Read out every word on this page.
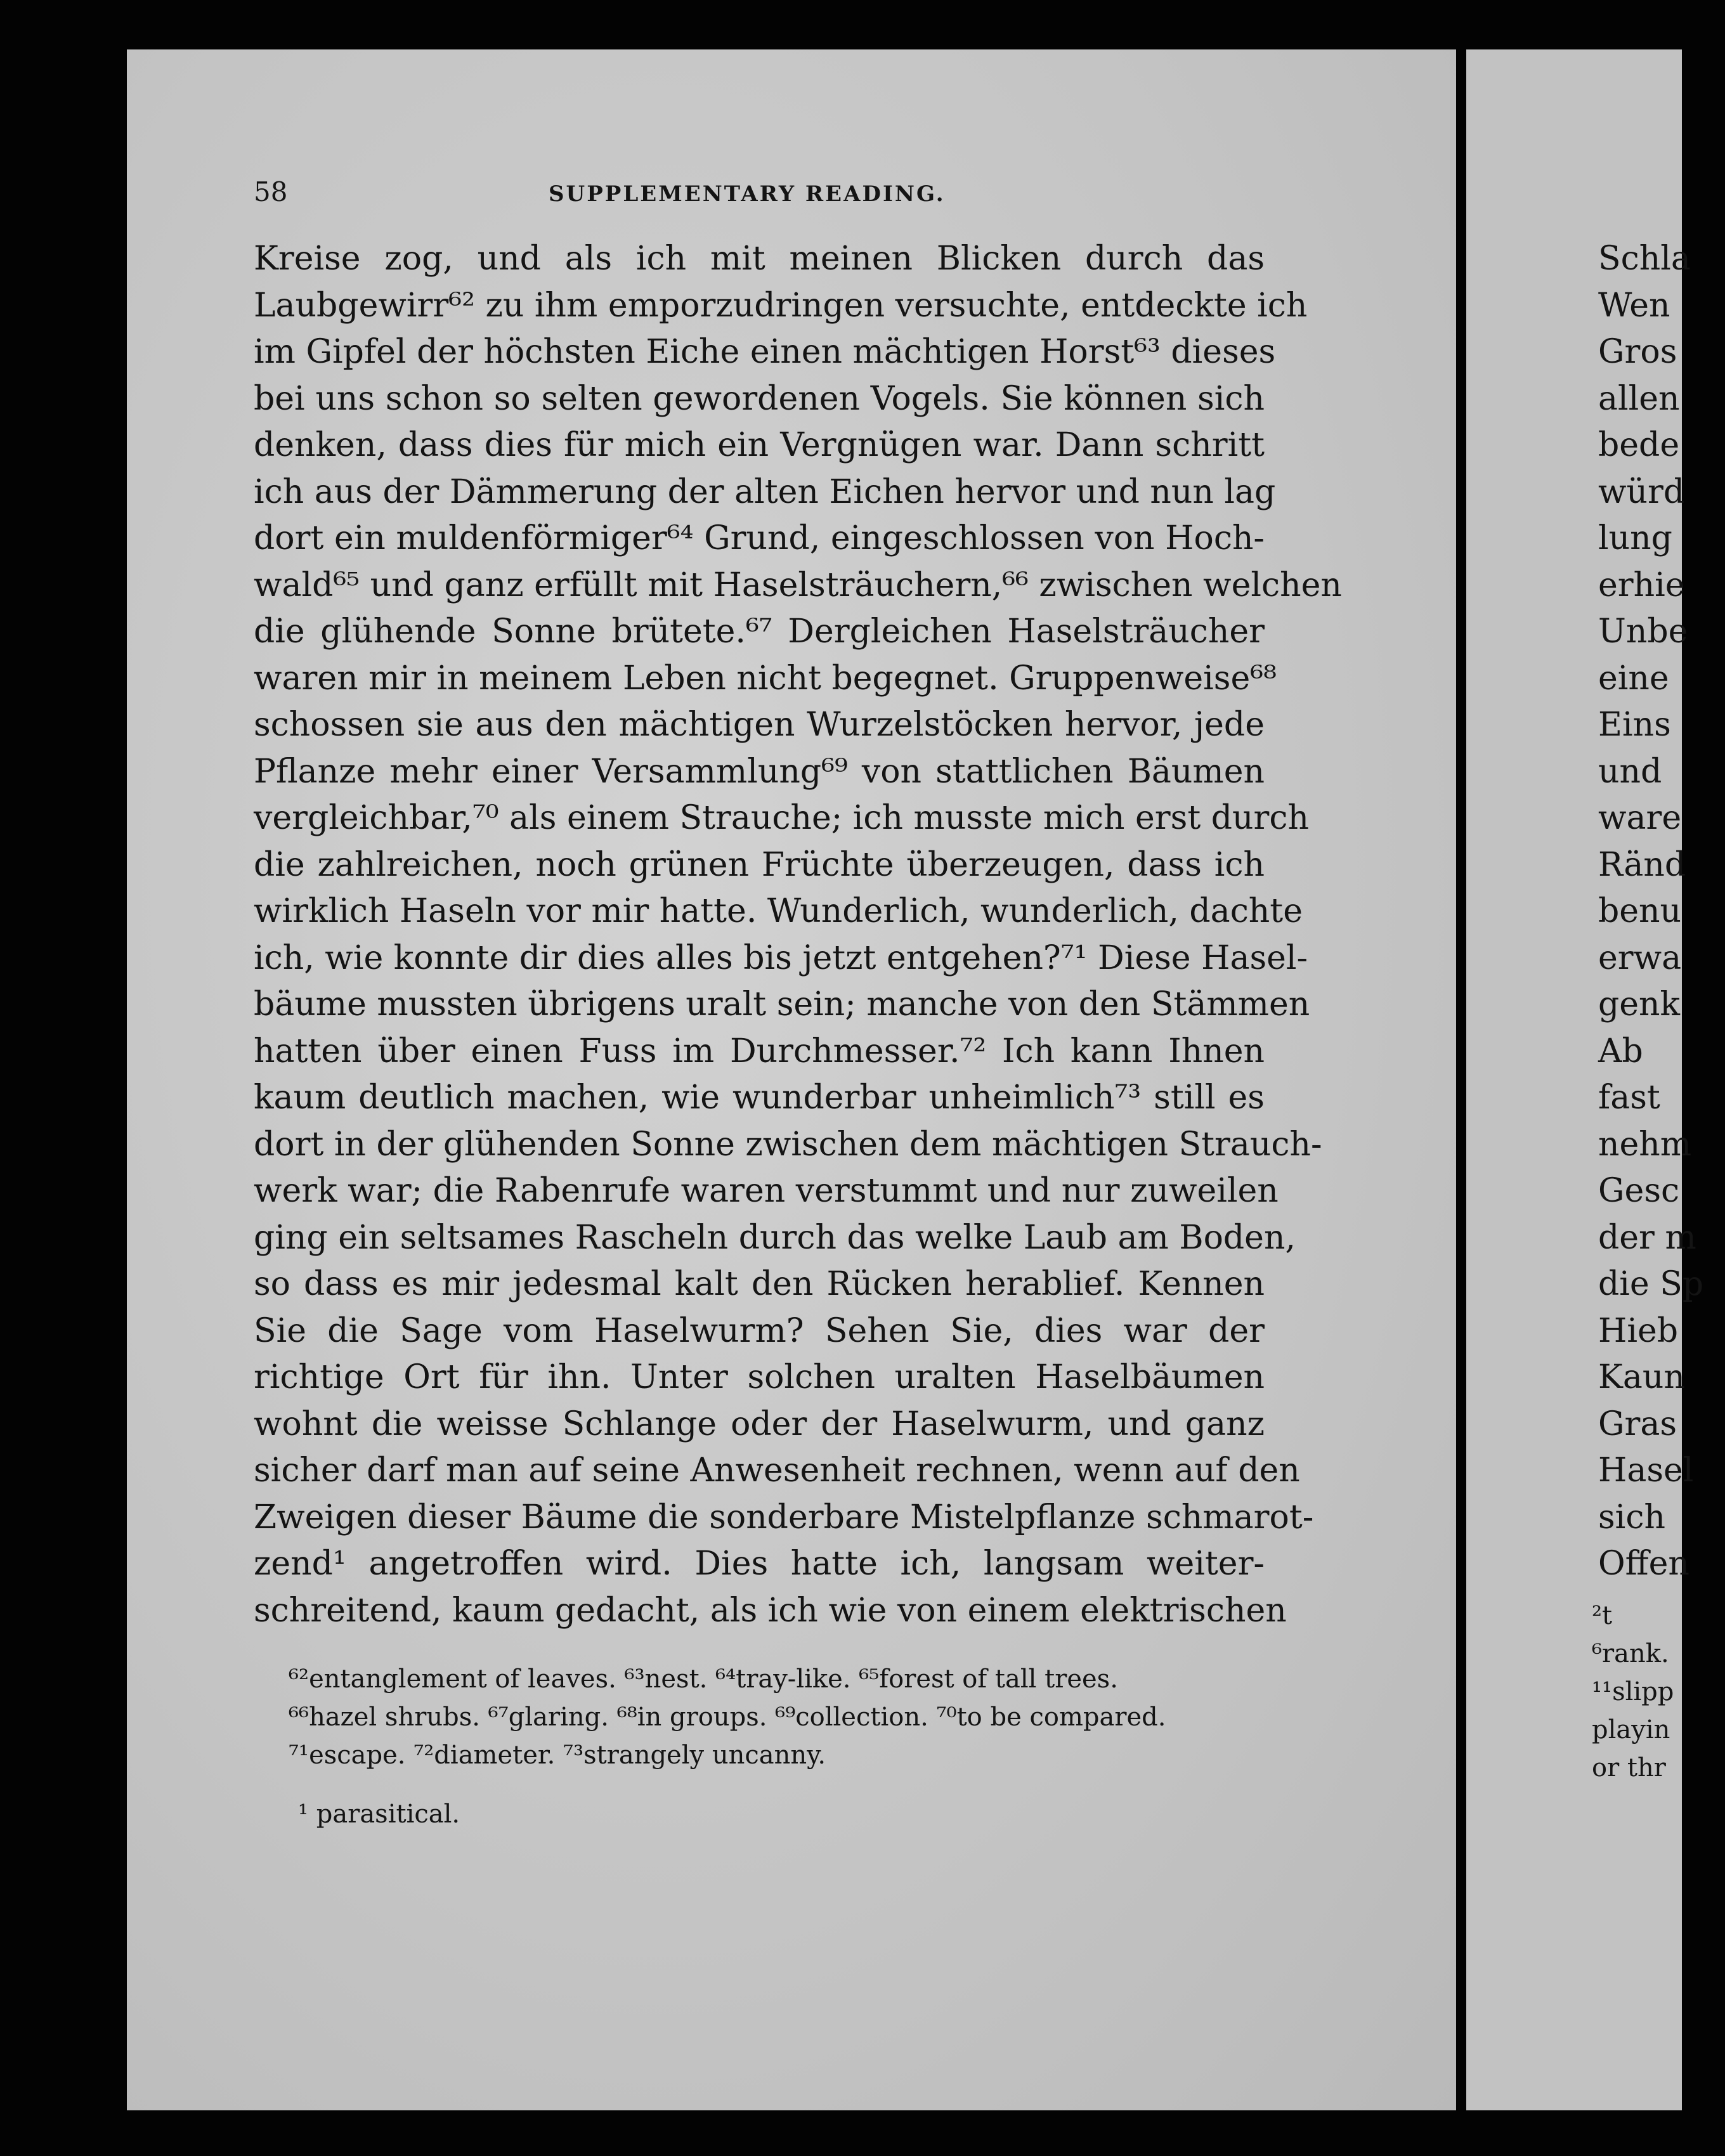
58	SUPPLEMENTARY READING.
Kreise zog, und als ich mit meinen Blicken durch das
Laubgewirr⁶² zu ihm emporzudringen versuchte, entdeckte ich
im Gipfel der höchsten Eiche einen mächtigen Horst⁶³ dieses
bei uns schon so selten gewordenen Vogels. Sie können sich
denken, dass dies für mich ein Vergnügen war. Dann schritt
ich aus der Dämmerung der alten Eichen hervor und nun lag
dort ein muldenförmiger⁶⁴ Grund, eingeschlossen von Hoch-
wald⁶⁵ und ganz erfüllt mit Haselsträuchern,⁶⁶ zwischen welchen
die glühende Sonne brütete.⁶⁷ Dergleichen Haselsträucher
waren mir in meinem Leben nicht begegnet. Gruppenweise⁶⁸
schossen sie aus den mächtigen Wurzelstöcken hervor, jede
Pflanze mehr einer Versammlung⁶⁹ von stattlichen Bäumen
vergleichbar,⁷⁰ als einem Strauche; ich musste mich erst durch
die zahlreichen, noch grünen Früchte überzeugen, dass ich
wirklich Haseln vor mir hatte. Wunderlich, wunderlich, dachte
ich, wie konnte dir dies alles bis jetzt entgehen?⁷¹ Diese Hasel-
bäume mussten übrigens uralt sein; manche von den Stämmen
hatten über einen Fuss im Durchmesser.⁷² Ich kann Ihnen
kaum deutlich machen, wie wunderbar unheimlich⁷³ still es
dort in der glühenden Sonne zwischen dem mächtigen Strauch-
werk war; die Rabenrufe waren verstummt und nur zuweilen
ging ein seltsames Rascheln durch das welke Laub am Boden,
so dass es mir jedesmal kalt den Rücken herablief. Kennen
Sie die Sage vom Haselwurm? Sehen Sie, dies war der
richtige Ort für ihn. Unter solchen uralten Haselbäumen
wohnt die weisse Schlange oder der Haselwurm, und ganz
sicher darf man auf seine Anwesenheit rechnen, wenn auf den
Zweigen dieser Bäume die sonderbare Mistelpflanze schmarot-
zend¹ angetroffen wird. Dies hatte ich, langsam weiter-
schreitend, kaum gedacht, als ich wie von einem elektrischen
⁶²entanglement of leaves. ⁶³nest. ⁶⁴tray-like. ⁶⁵forest of tall trees.
⁶⁶hazel shrubs. ⁶⁷glaring. ⁶⁸in groups. ⁶⁹collection. ⁷⁰to be compared.
⁷¹escape. ⁷²diameter. ⁷³strangely uncanny.
¹ parasitical.
Schla
Wen
Gros
allen
bede
würd
lung
erhie
Unbe
eine
Eins
und
ware
Ränd
benu
erwa
genk
Ab
fast
nehm
Gesc
der m
die Sp
Hieb
Kaun
Gras
Hasel
sich
Offen
²t
⁶rank.
¹¹slipp
playin
or thr
